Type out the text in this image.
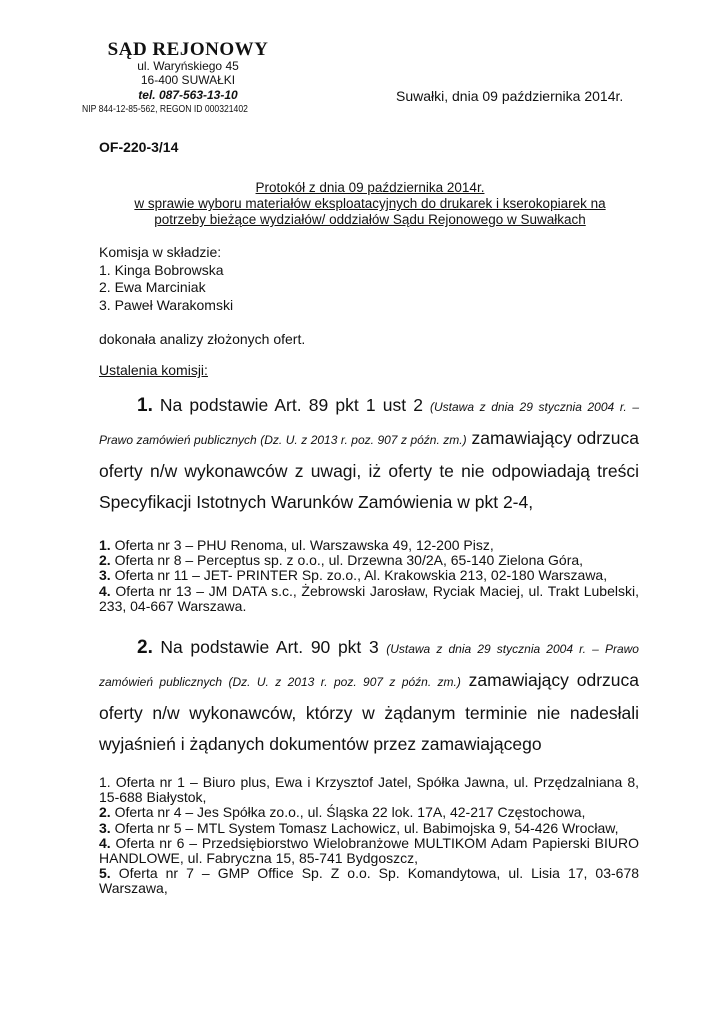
SĄD REJONOWY
ul. Waryńskiego 45
16-400 SUWAŁKI
tel. 087-563-13-10
NIP 844-12-85-562, REGON ID 000321402
Suwałki, dnia 09 października 2014r.
OF-220-3/14
Protokół z dnia 09 października 2014r.
w sprawie wyboru materiałów eksploatacyjnych do drukarek i kserokopiarek na
potrzeby bieżące wydziałów/ oddziałów Sądu Rejonowego w Suwałkach
Komisja w składzie:
1. Kinga Bobrowska
2. Ewa Marciniak
3. Paweł Warakomski
dokonała analizy złożonych ofert.
Ustalenia komisji:
1. Na podstawie Art. 89 pkt 1 ust 2 (Ustawa z dnia 29 stycznia 2004 r. – Prawo zamówień publicznych (Dz. U. z 2013 r. poz. 907 z późn. zm.) zamawiający odrzuca oferty n/w wykonawców z uwagi, iż oferty te nie odpowiadają treści Specyfikacji Istotnych Warunków Zamówienia w pkt 2-4,
1. Oferta nr 3 – PHU Renoma, ul. Warszawska 49, 12-200 Pisz,
2. Oferta nr 8 – Perceptus sp. z o.o., ul. Drzewna 30/2A, 65-140 Zielona Góra,
3. Oferta nr 11 – JET- PRINTER Sp. zo.o., Al. Krakowskia 213, 02-180 Warszawa,
4. Oferta nr 13 – JM DATA s.c., Żebrowski Jarosław, Ryciak Maciej, ul. Trakt Lubelski, 233, 04-667 Warszawa.
2. Na podstawie Art. 90 pkt 3 (Ustawa z dnia 29 stycznia 2004 r. – Prawo zamówień publicznych (Dz. U. z 2013 r. poz. 907 z późn. zm.) zamawiający odrzuca oferty n/w wykonawców, którzy w żądanym terminie nie nadesłali wyjaśnień i żądanych dokumentów przez zamawiającego
1. Oferta nr 1 – Biuro plus, Ewa i Krzysztof Jatel, Spółka Jawna, ul. Przędzalniana 8, 15-688 Białystok,
2. Oferta nr 4 – Jes Spółka zo.o., ul. Śląska 22 lok. 17A, 42-217 Częstochowa,
3. Oferta nr 5 – MTL System Tomasz Lachowicz, ul. Babimojska 9, 54-426 Wrocław,
4. Oferta nr 6 – Przedsiębiorstwo Wielobranżowe MULTIKOM Adam Papierski BIURO HANDLOWE, ul. Fabryczna 15, 85-741 Bydgoszcz,
5. Oferta nr 7 – GMP Office Sp. Z o.o. Sp. Komandytowa, ul. Lisia 17, 03-678 Warszawa,
